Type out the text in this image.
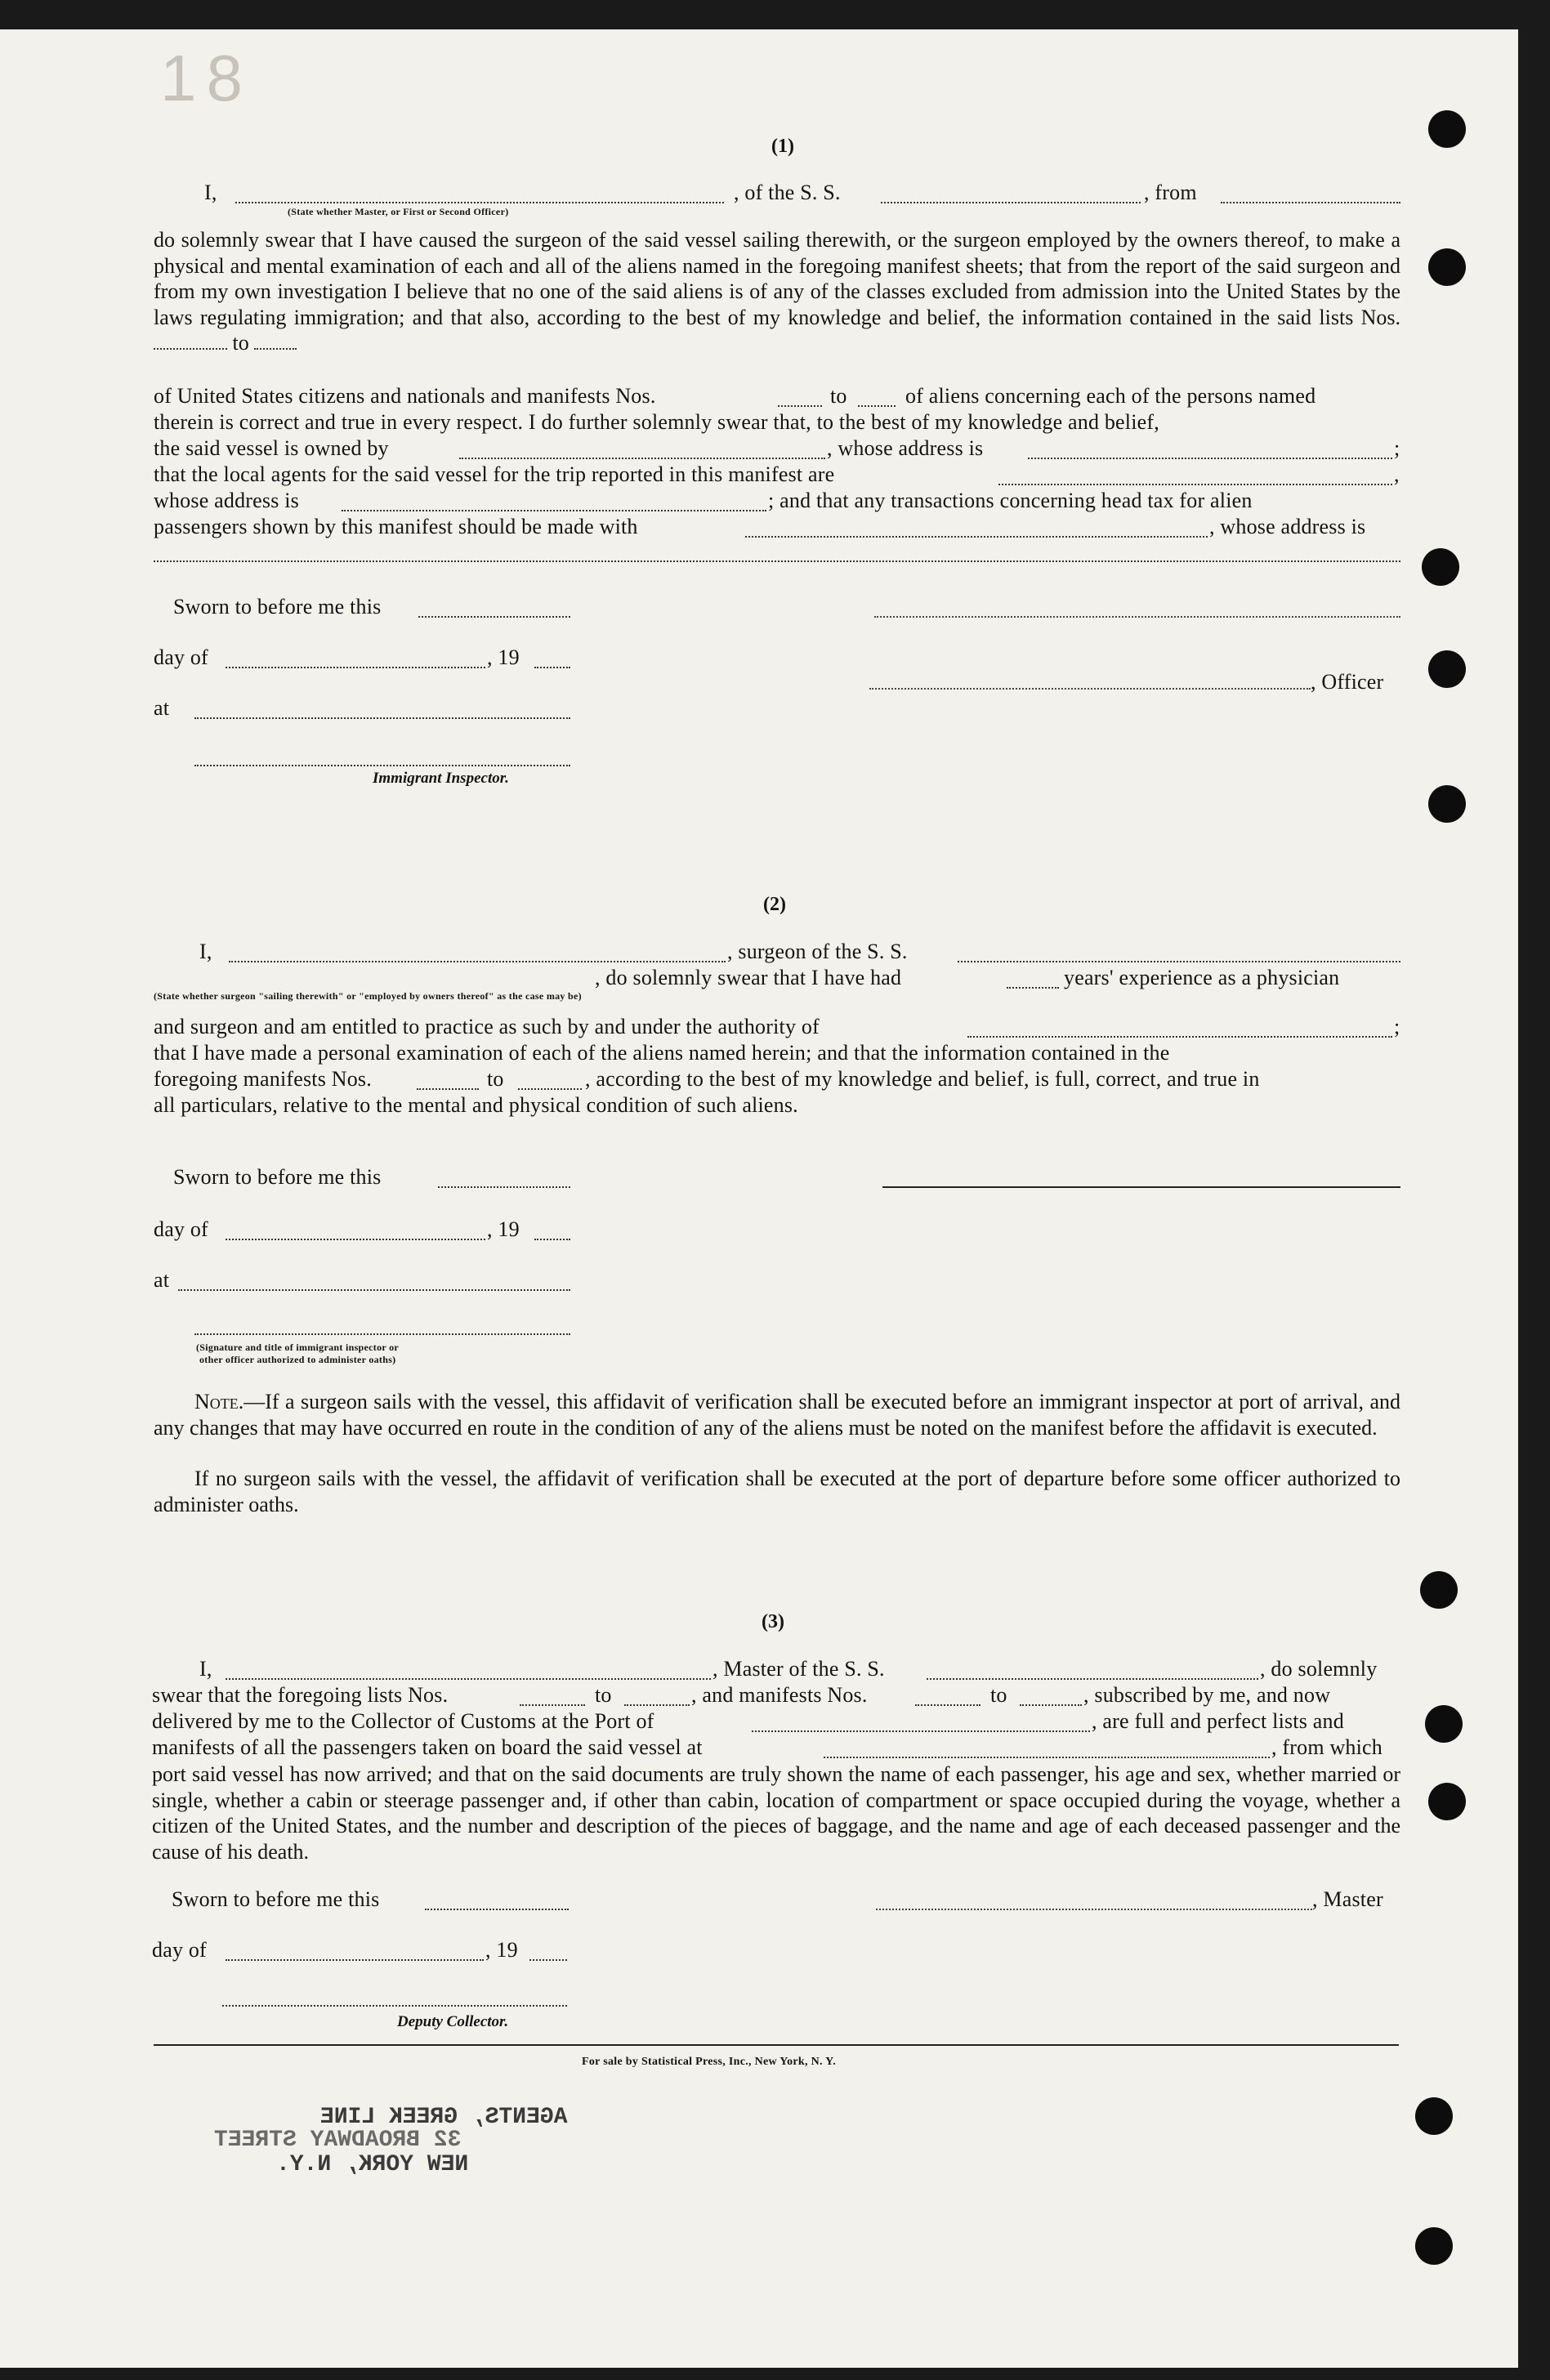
18
(1)
I,	, of the S. S.	, from
(State whether Master, or First or Second Officer)
do solemnly swear that I have caused the surgeon of the said vessel sailing therewith, or the surgeon employed by the owners thereof, to make a physical and mental examination of each and all of the aliens named in the foregoing manifest sheets; that from the report of the said surgeon and from my own investigation I believe that no one of the said aliens is of any of the classes excluded from admission into the United States by the laws regulating immigration; and that also, according to the best of my knowledge and belief, the information contained in the said lists Nos.  to
of United States citizens and nationals and manifests Nos.	to	of aliens concerning each of the persons named
therein is correct and true in every respect. I do further solemnly swear that, to the best of my knowledge and belief,
the said vessel is owned by	, whose address is	;
that the local agents for the said vessel for the trip reported in this manifest are	,
whose address is	; and that any transactions concerning head tax for alien
passengers shown by this manifest should be made with	, whose address is
Sworn to before me this
day of	, 19
, Officer
at
Immigrant Inspector.
(2)
I,	, surgeon of the S. S.
(State whether surgeon "sailing therewith" or "employed by owners thereof" as the case may be)
, do solemnly swear that I have had	years' experience as a physician
and surgeon and am entitled to practice as such by and under the authority of	;
that I have made a personal examination of each of the aliens named herein; and that the information contained in the
foregoing manifests Nos.	to	, according to the best of my knowledge and belief, is full, correct, and true in
all particulars, relative to the mental and physical condition of such aliens.
Sworn to before me this
day of	, 19
at
(Signature and title of immigrant inspector or
other officer authorized to administer oaths)
Note.—If a surgeon sails with the vessel, this affidavit of verification shall be executed before an immigrant inspector at port of arrival, and any changes that may have occurred en route in the condition of any of the aliens must be noted on the manifest before the affidavit is executed.
If no surgeon sails with the vessel, the affidavit of verification shall be executed at the port of departure before some officer authorized to administer oaths.
(3)
I,	, Master of the S. S.	, do solemnly
swear that the foregoing lists Nos.	to	, and manifests Nos.	to	, subscribed by me, and now
delivered by me to the Collector of Customs at the Port of	, are full and perfect lists and
manifests of all the passengers taken on board the said vessel at	, from which
port said vessel has now arrived; and that on the said documents are truly shown the name of each passenger, his age and sex, whether married or single, whether a cabin or steerage passenger and, if other than cabin, location of compartment or space occupied during the voyage, whether a citizen of the United States, and the number and description of the pieces of baggage, and the name and age of each deceased passenger and the cause of his death.
Sworn to before me this	, Master
day of	, 19
Deputy Collector.
For sale by Statistical Press, Inc., New York, N. Y.
AGENTS, GREEK LINE
32 BROADWAY STREET
NEW YORK, N.Y.
